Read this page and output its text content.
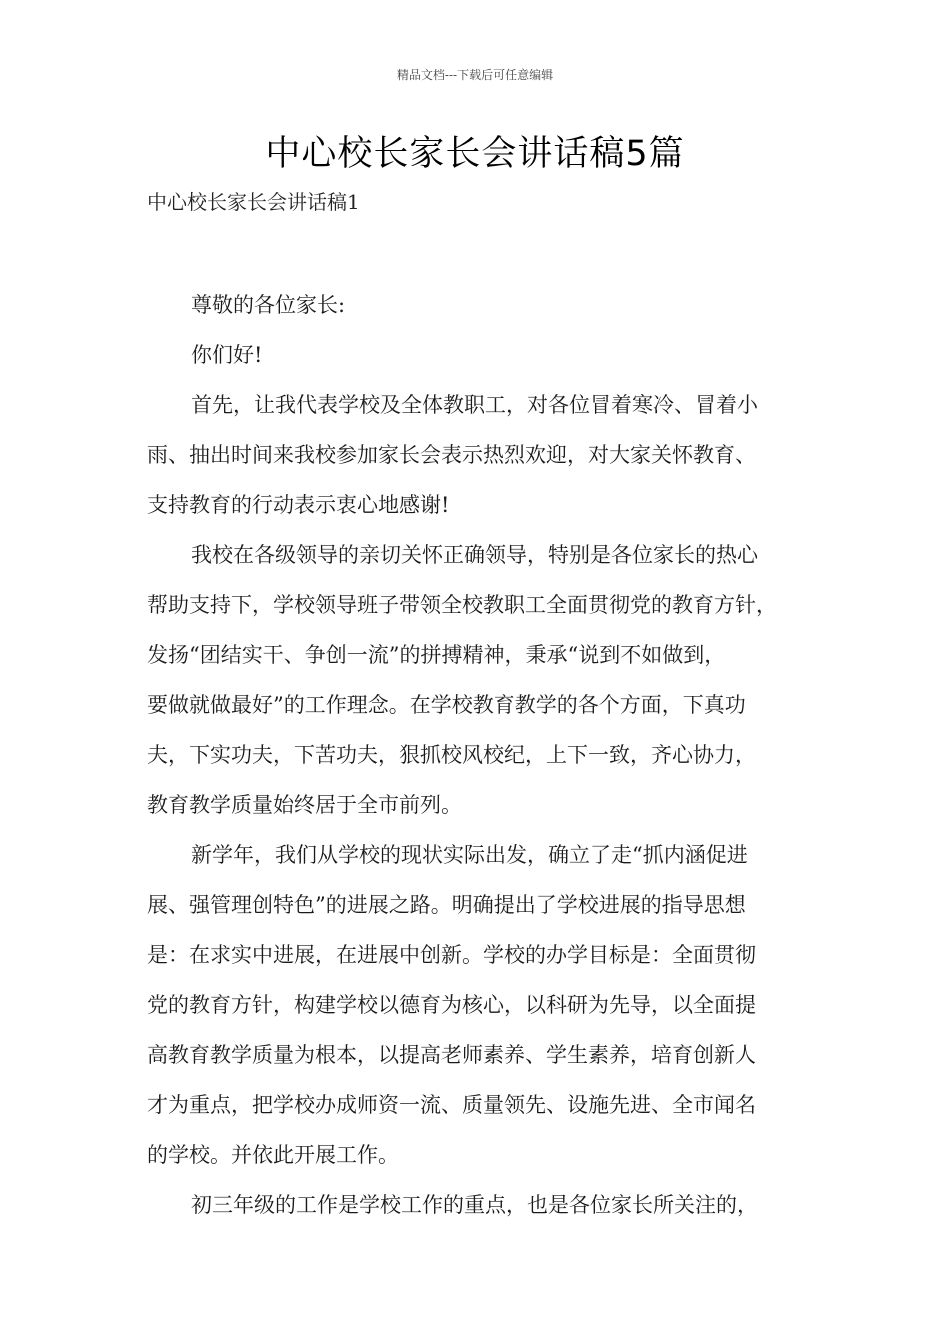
精品文档---下载后可任意编辑
中心校长家长会讲话稿5篇
中心校长家长会讲话稿1
尊敬的各位家长:
你们好!
首先，让我代表学校及全体教职工，对各位冒着寒冷、冒着小
雨、抽出时间来我校参加家长会表示热烈欢迎，对大家关怀教育、
支持教育的行动表示衷心地感谢!
我校在各级领导的亲切关怀正确领导，特别是各位家长的热心
帮助支持下，学校领导班子带领全校教职工全面贯彻党的教育方针，
发扬“团结实干、争创一流”的拼搏精神，秉承“说到不如做到，
要做就做最好”的工作理念。在学校教育教学的各个方面，下真功
夫，下实功夫，下苦功夫，狠抓校风校纪，上下一致，齐心协力，
教育教学质量始终居于全市前列。
新学年，我们从学校的现状实际出发，确立了走“抓内涵促进
展、强管理创特色”的进展之路。明确提出了学校进展的指导思想
是：在求实中进展，在进展中创新。学校的办学目标是：全面贯彻
党的教育方针，构建学校以德育为核心，以科研为先导，以全面提
高教育教学质量为根本，以提高老师素养、学生素养，培育创新人
才为重点，把学校办成师资一流、质量领先、设施先进、全市闻名
的学校。并依此开展工作。
初三年级的工作是学校工作的重点，也是各位家长所关注的，
